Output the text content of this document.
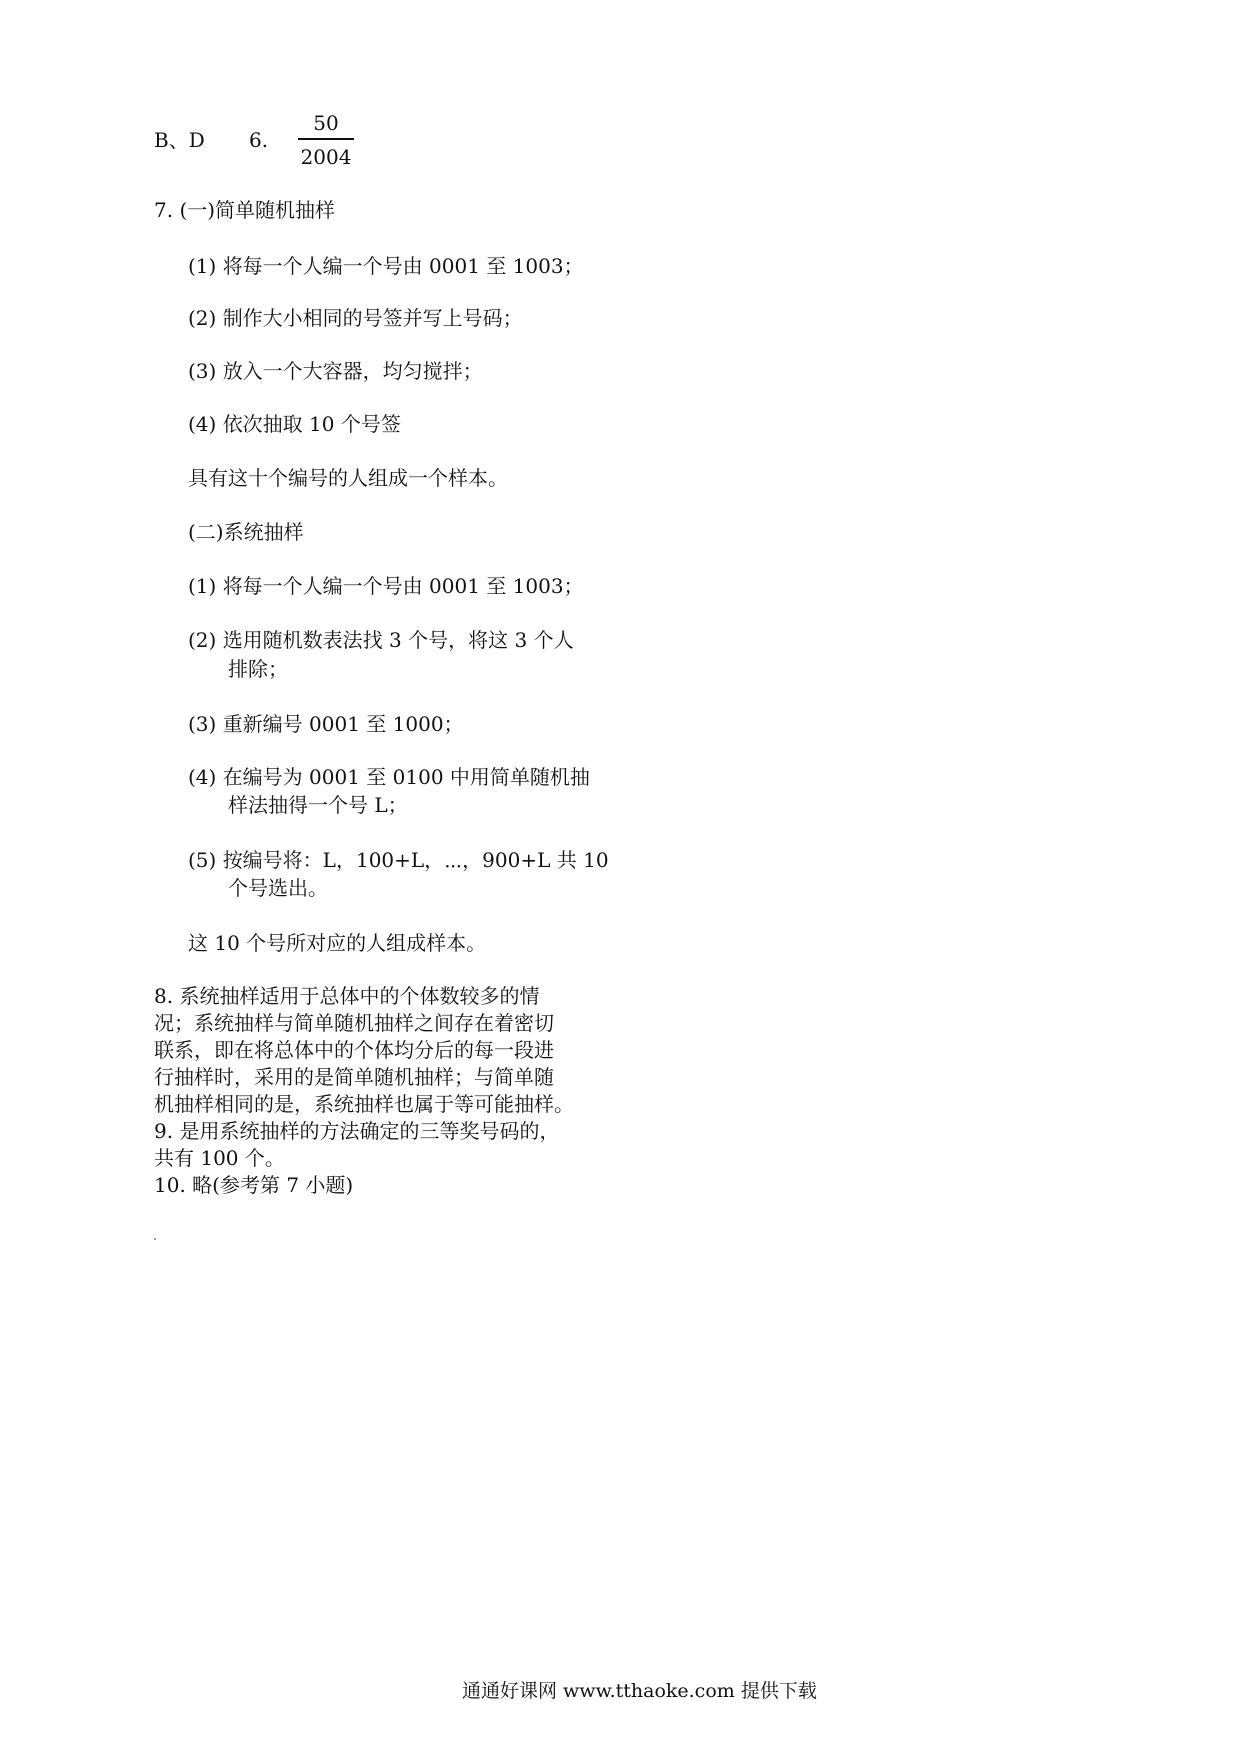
B、D 6.
50
2004
7. (一)简单随机抽样
(1) 将每一个人编一个号由 0001 至 1003；
(2) 制作大小相同的号签并写上号码；
(3) 放入一个大容器，均匀搅拌；
(4) 依次抽取 10 个号签
具有这十个编号的人组成一个样本。
(二)系统抽样
(1) 将每一个人编一个号由 0001 至 1003；
(2) 选用随机数表法找 3 个号，将这 3 个人
排除；
(3) 重新编号 0001 至 1000；
(4) 在编号为 0001 至 0100 中用简单随机抽
样法抽得一个号 L；
(5) 按编号将：L，100+L，⋯，900+L 共 10
个号选出。
这 10 个号所对应的人组成样本。
8. 系统抽样适用于总体中的个体数较多的情
况；系统抽样与简单随机抽样之间存在着密切
联系，即在将总体中的个体均分后的每一段进
行抽样时，采用的是简单随机抽样；与简单随
机抽样相同的是，系统抽样也属于等可能抽样。
9. 是用系统抽样的方法确定的三等奖号码的，
共有 100 个。
10. 略(参考第 7 小题)
通通好课网 www.tthaoke.com 提供下载
